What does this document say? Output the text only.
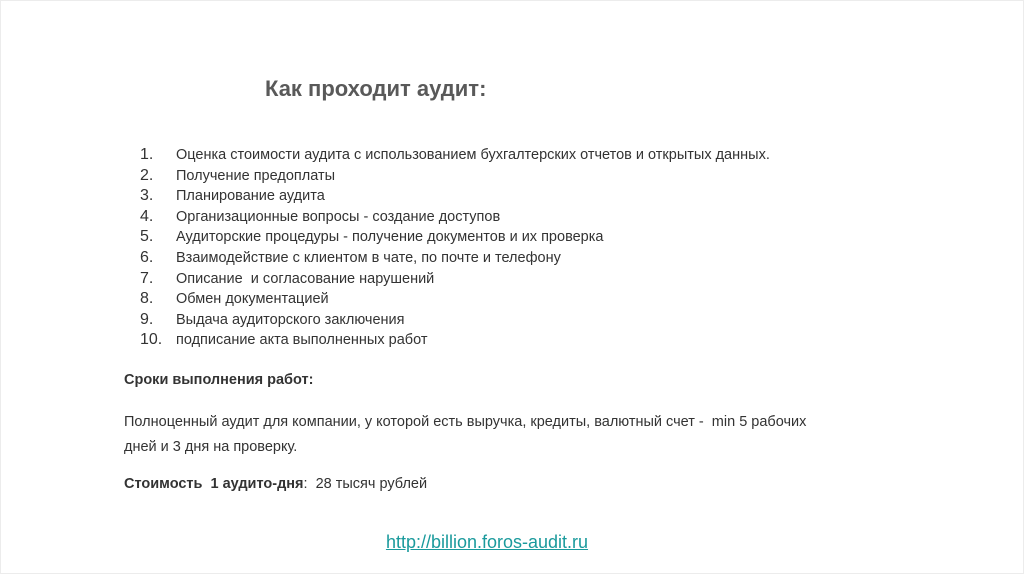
Как проходит аудит:
1.	Оценка стоимости аудита с использованием бухгалтерских отчетов и открытых данных.
2.	Получение предоплаты
3.	Планирование аудита
4.	Организационные вопросы - создание доступов
5.	Аудиторские процедуры - получение документов и их проверка
6.	Взаимодействие с клиентом в чате, по почте и телефону
7.	Описание  и согласование нарушений
8.	Обмен документацией
9.	Выдача аудиторского заключения
10. подписание акта выполненных работ
Сроки выполнения работ:
Полноценный аудит для компании, у которой есть выручка, кредиты, валютный счет -  min 5 рабочих дней и 3 дня на проверку.
Стоимость  1 аудито-дня:  28 тысяч рублей
http://billion.foros-audit.ru
